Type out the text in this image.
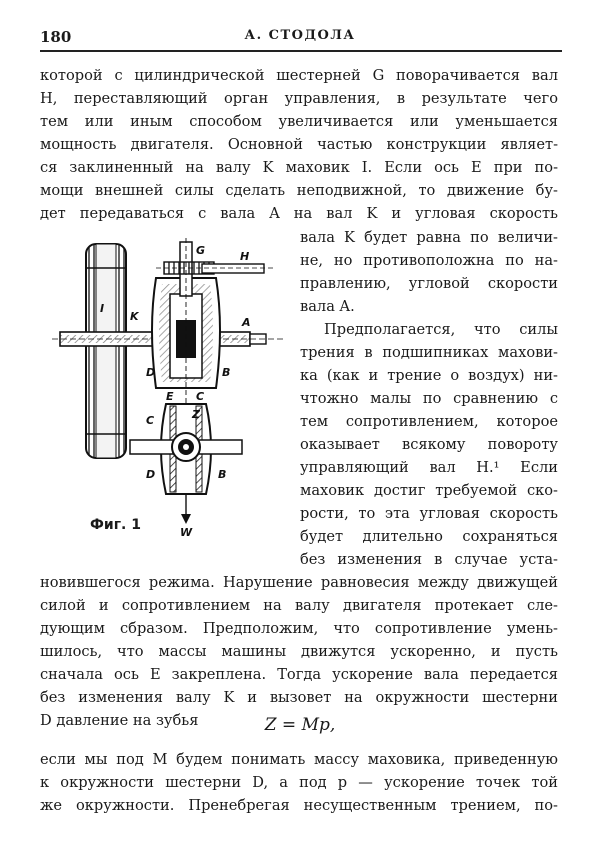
180	А. СТОДОЛА
которой с цилиндрической шестерней G поворачивается вал
H, переставляющий орган управления, в результате чего
тем или иным способом увеличивается или уменьшается
мощность двигателя. Основной частью конструкции являет-
ся заклиненный на валу K маховик I. Если ось E при по-
мощи внешней силы сделать неподвижной, то движение бу-
дет передаваться с вала A на вал K и угловая скорость
вала K будет равна по величи-
не, но противоположна по на-
правлению, угловой скорости
вала A.
Предполагается, что силы
трения в подшипниках махови-
ка (как и трение о воздух) ни-
чтожно малы по сравнению с
тем сопротивлением, которое
оказывает всякому повороту
управляющий вал H.¹ Если
маховик достиг требуемой ско-
рости, то эта угловая скорость
будет длительно сохраняться
без изменения в случае уста-
I
K
G	H
A
D	B
E C
C	Z
D	B
W
Фиг. 1
новившегося режима. Нарушение равновесия между движущей
силой и сопротивлением на валу двигателя протекает сле-
дующим сбразом. Предположим, что сопротивление умень-
шилось, что массы машины движутся ускоренно, и пусть
сначала ось E закреплена. Тогда ускорение вала передается
без изменения валу K и вызовет на окружности шестерни
D давление на зубья	Z = Mp,
если мы под M будем понимать массу маховика, приведенную
к окружности шестерни D, а под p — ускорение точек той
же окружности. Пренебрегая несущественным трением, по-
